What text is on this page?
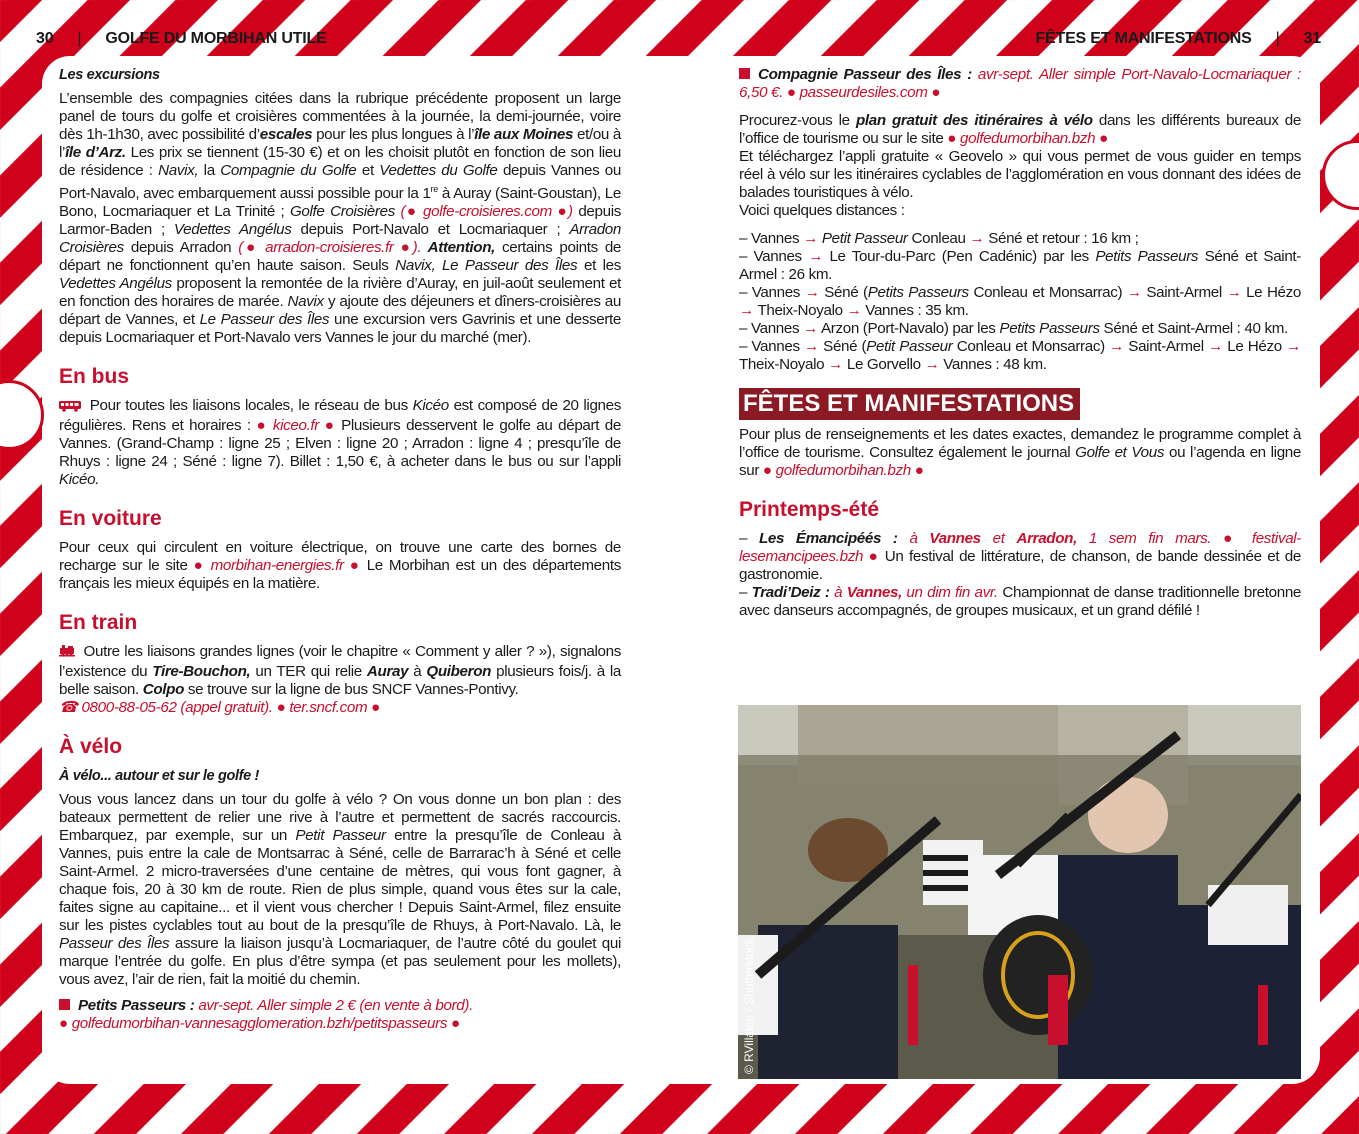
30 | GOLFE DU MORBIHAN UTILE	FÊTES ET MANIFESTATIONS | 31

Les excursions

L’ensemble des compagnies citées dans la rubrique précédente proposent un large panel de tours du golfe et croisières commentées à la journée, la demi-journée, voire dès 1h-1h30, avec possibilité d’escales pour les plus longues à l’île aux Moines et/ou à l’île d’Arz. Les prix se tiennent (15-30 €) et on les choisit plutôt en fonction de son lieu de résidence : Navix, la Compagnie du Golfe et Vedettes du Golfe depuis Vannes ou Port-Navalo, avec embarquement aussi possible pour la 1re à Auray (Saint-Goustan), Le Bono, Locmariaquer et La Trinité ; Golfe Croisières (● golfe-croisieres.com ●) depuis Larmor-Baden ; Vedettes Angélus depuis Port-Navalo et Locmariaquer ; Arradon Croisières depuis Arradon (● arradon-croisieres.fr ●). Attention, certains points de départ ne fonctionnent qu’en haute saison. Seuls Navix, Le Passeur des Îles et les Vedettes Angélus proposent la remontée de la rivière d’Auray, en juil-août seulement et en fonction des horaires de marée. Navix y ajoute des déjeuners et dîners-croisières au départ de Vannes, et Le Passeur des Îles une excursion vers Gavrinis et une desserte depuis Locmariaquer et Port-Navalo vers Vannes le jour du marché (mer).

En bus

Pour toutes les liaisons locales, le réseau de bus Kicéo est composé de 20 lignes régulières. Rens et horaires : ● kiceo.fr ● Plusieurs desservent le golfe au départ de Vannes. (Grand-Champ : ligne 25 ; Elven : ligne 20 ; Arradon : ligne 4 ; presqu’île de Rhuys : ligne 24 ; Séné : ligne 7). Billet : 1,50 €, à acheter dans le bus ou sur l’appli Kicéo.

En voiture

Pour ceux qui circulent en voiture électrique, on trouve une carte des bornes de recharge sur le site ● morbihan-energies.fr ● Le Morbihan est un des départements français les mieux équipés en la matière.

En train

Outre les liaisons grandes lignes (voir le chapitre « Comment y aller ? »), signalons l’existence du Tire-Bouchon, un TER qui relie Auray à Quiberon plusieurs fois/j. à la belle saison. Colpo se trouve sur la ligne de bus SNCF Vannes-Pontivy.
☎ 0800-88-05-62 (appel gratuit). ● ter.sncf.com ●

À vélo

À vélo... autour et sur le golfe !

Vous vous lancez dans un tour du golfe à vélo ? On vous donne un bon plan : des bateaux permettent de relier une rive à l’autre et permettent de sacrés raccourcis. Embarquez, par exemple, sur un Petit Passeur entre la presqu’île de Conleau à Vannes, puis entre la cale de Montsarrac à Séné, celle de Barrarac’h à Séné et celle Saint-Armel. 2 micro-traversées d’une centaine de mètres, qui vous font gagner, à chaque fois, 20 à 30 km de route. Rien de plus simple, quand vous êtes sur la cale, faites signe au capitaine... et il vient vous chercher ! Depuis Saint-Armel, filez ensuite sur les pistes cyclables tout au bout de la presqu’île de Rhuys, à Port-Navalo. Là, le Passeur des Îles assure la liaison jusqu’à Locmariaquer, de l’autre côté du goulet qui marque l’entrée du golfe. En plus d’être sympa (et pas seulement pour les mollets), vous avez, l’air de rien, fait la moitié du chemin.

Petits Passeurs : avr-sept. Aller simple 2 € (en vente à bord).
● golfedumorbihan-vannesagglomeration.bzh/petitspasseurs ●

Compagnie Passeur des Îles : avr-sept. Aller simple Port-Navalo-Locmariaquer : 6,50 €. ● passeurdesiles.com ●

Procurez-vous le plan gratuit des itinéraires à vélo dans les différents bureaux de l’office de tourisme ou sur le site ● golfedumorbihan.bzh ●

Et téléchargez l’appli gratuite « Geovelo » qui vous permet de vous guider en temps réel à vélo sur les itinéraires cyclables de l’agglomération en vous donnant des idées de balades touristiques à vélo.

Voici quelques distances :

– Vannes → Petit Passeur Conleau → Séné et retour : 16 km ;

– Vannes → Le Tour-du-Parc (Pen Cadénic) par les Petits Passeurs Séné et Saint-Armel : 26 km.

– Vannes → Séné (Petits Passeurs Conleau et Monsarrac) → Saint-Armel → Le Hézo → Theix-Noyalo → Vannes : 35 km.

– Vannes → Arzon (Port-Navalo) par les Petits Passeurs Séné et Saint-Armel : 40 km.

– Vannes → Séné (Petit Passeur Conleau et Monsarrac) → Saint-Armel → Le Hézo → Theix-Noyalo → Le Gorvello → Vannes : 48 km.

FÊTES ET MANIFESTATIONS

Pour plus de renseignements et les dates exactes, demandez le programme complet à l’office de tourisme. Consultez également le journal Golfe et Vous ou l’agenda en ligne sur ● golfedumorbihan.bzh ●

Printemps-été

– Les Émancipéés : à Vannes et Arradon, 1 sem fin mars. ● festival-lesemancipees.bzh ● Un festival de littérature, de chanson, de bande dessinée et de gastronomie.

– Tradi’Deiz : à Vannes, un dim fin avr. Championnat de danse traditionnelle bretonne avec danseurs accompagnés, de groupes musicaux, et un grand défilé !

© RVillalon / Shutterstock
